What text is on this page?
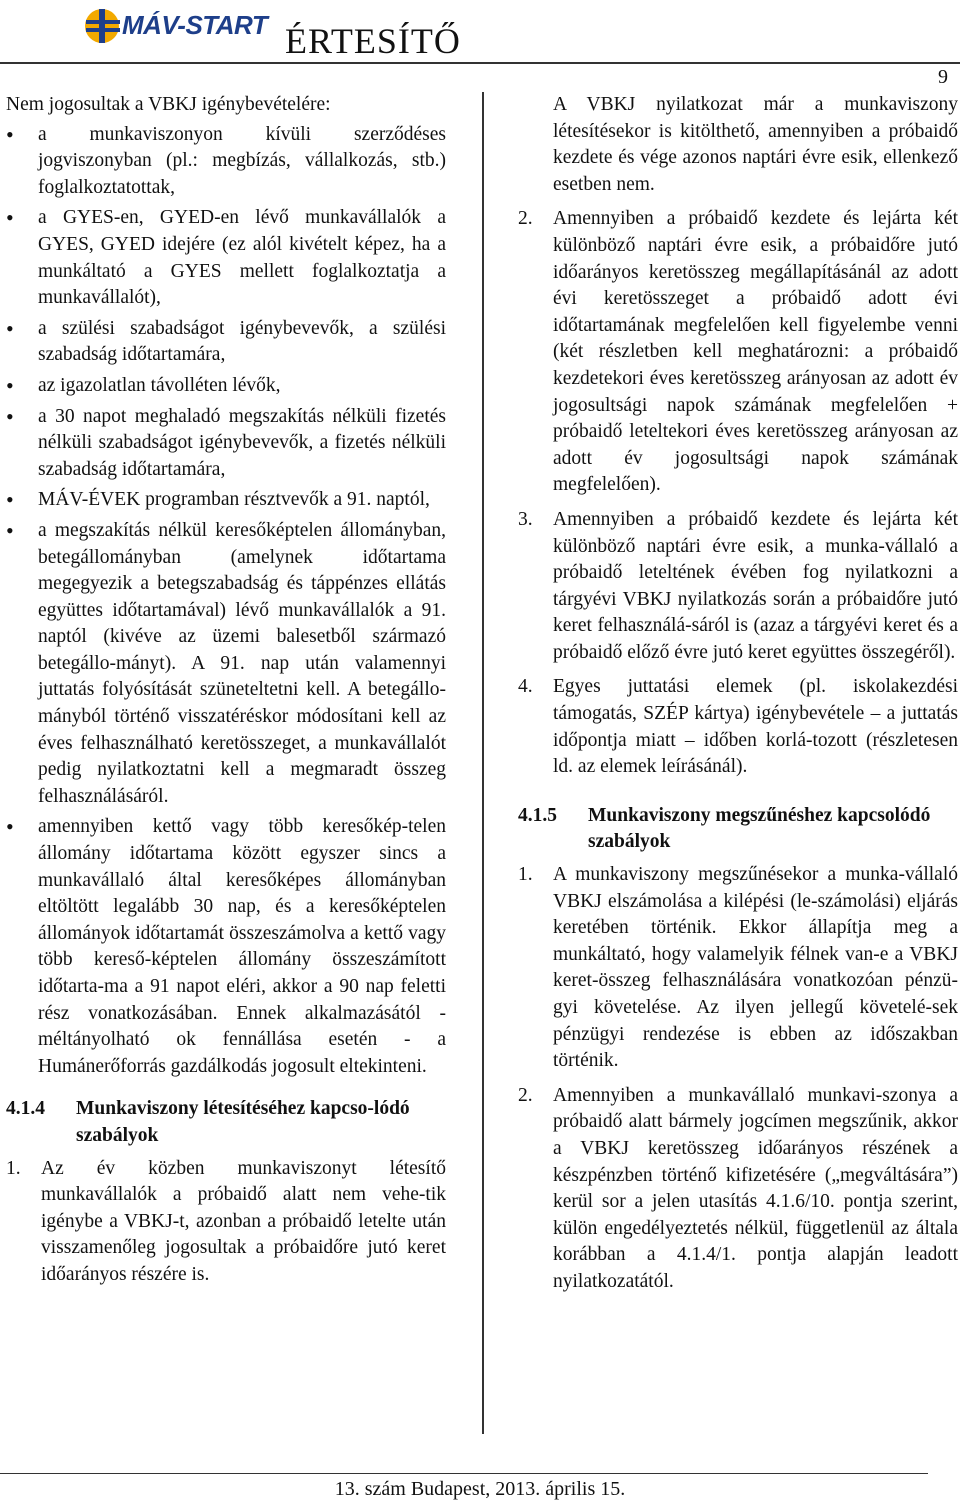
MÁV-START ÉRTESÍTŐ
9

Nem jogosultak a VBKJ igénybevételére:

• a munkaviszonyon kívüli szerződéses jogviszonyban (pl.: megbízás, vállalkozás, stb.) foglalkoztatottak,
• a GYES-en, GYED-en lévő munkavállalók a GYES, GYED idejére (ez alól kivételt képez, ha a munkáltató a GYES mellett foglalkoztatja a munkavállalót),
• a szülési szabadságot igénybevevők, a szülési szabadság időtartamára,
• az igazolatlan távolléten lévők,
• a 30 napot meghaladó megszakítás nélküli fizetés nélküli szabadságot igénybevevők, a fizetés nélküli szabadság időtartamára,
• MÁV-ÉVEK programban résztvevők a 91. naptól,
• a megszakítás nélkül keresőképtelen állományban, betegállományban (amelynek időtartama megegyezik a betegszabadság és táppénzes ellátás együttes időtartamával) lévő munkavállalók a 91. naptól (kivéve az üzemi balesetből származó betegállo-mányt). A 91. nap után valamennyi juttatás folyósítását szüneteltetni kell. A betegállo-mányból történő visszatéréskor módosítani kell az éves felhasználható keretösszeget, a munkavállalót pedig nyilatkoztatni kell a megmaradt összeg felhasználásáról.
• amennyiben kettő vagy több keresőkép-telen állomány időtartama között egyszer sincs a munkavállaló által keresőképes állományban eltöltött legalább 30 nap, és a keresőképtelen állományok időtartamát összeszámolva a kettő vagy több kereső-képtelen állomány összeszámított időtarta-ma a 91 napot eléri, akkor a 90 nap feletti rész vonatkozásában. Ennek alkalmazásától - méltányolható ok fennállása esetén - a Humánerőforrás gazdálkodás jogosult eltekinteni.
4.1.4 Munkaviszony létesítéséhez kapcso-lódó szabályok
1. Az év közben munkaviszonyt létesítő munkavállalók a próbaidő alatt nem vehe-tik igénybe a VBKJ-t, azonban a próbaidő letelte után visszamenőleg jogosultak a próbaidőre jutó keret időarányos részére is.

A VBKJ nyilatkozat már a munkaviszony létesítésekor is kitölthető, amennyiben a próbaidő kezdete és vége azonos naptári évre esik, ellenkező esetben nem.

2. Amennyiben a próbaidő kezdete és lejárta két különböző naptári évre esik, a próbaidőre jutó időarányos keretösszeg megállapításánál az adott évi keretösszeget a próbaidő adott évi időtartamának megfelelően kell figyelembe venni (két részletben kell meghatározni: a próbaidő kezdetekori éves keretösszeg arányosan az adott év jogosultsági napok számának megfelelően + próbaidő leteltekori éves keretösszeg arányosan az adott év jogosultsági napok számának megfelelően).
3. Amennyiben a próbaidő kezdete és lejárta két különböző naptári évre esik, a munka-vállaló a próbaidő leteltének évében fog nyilatkozni a tárgyévi VBKJ nyilatkozás során a próbaidőre jutó keret felhasználá-sáról is (azaz a tárgyévi keret és a próbaidő előző évre jutó keret együttes összegéről).
4. Egyes juttatási elemek (pl. iskolakezdési támogatás, SZÉP kártya) igénybevétele – a juttatás időpontja miatt – időben korlá-tozott (részletesen ld. az elemek leírásánál).
4.1.5 Munkaviszony megszűnéshez kapcsolódó szabályok
1. A munkaviszony megszűnésekor a munka-vállaló VBKJ elszámolása a kilépési (le-számolási) eljárás keretében történik. Ekkor állapítja meg a munkáltató, hogy valamelyik félnek van-e a VBKJ keret-összeg felhasználására vonatkozóan pénzü-gyi követelése. Az ilyen jellegű követelé-sek pénzügyi rendezése is ebben az időszakban történik.
2. Amennyiben a munkavállaló munkavi-szonya a próbaidő alatt bármely jogcímen megszűnik, akkor a VBKJ keretösszeg időarányos részének a készpénzben történő kifizetésére („megváltására”) kerül sor a jelen utasítás 4.1.6/10. pontja szerint, külön engedélyeztetés nélkül, függetlenül az általa korábban a 4.1.4/1. pontja alapján leadott nyilatkozatától.
13. szám Budapest, 2013. április 15.
